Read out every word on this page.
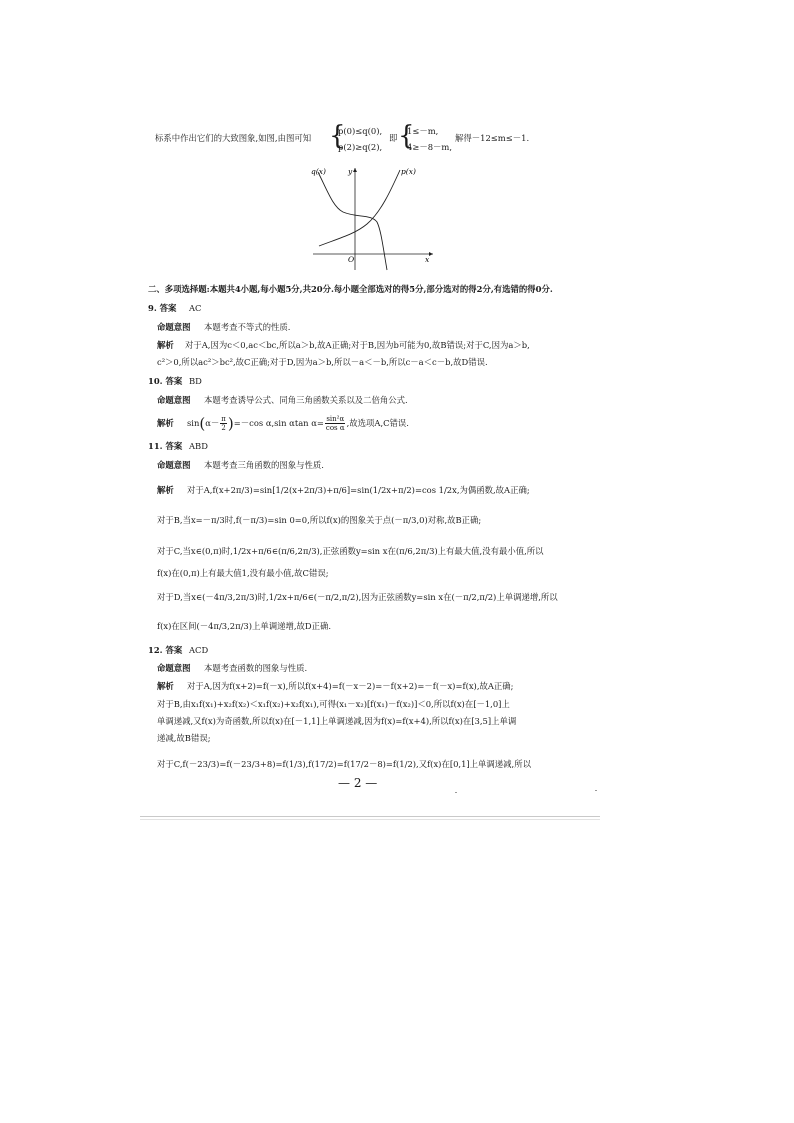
标系中作出它们的大致图象,如图,由图可知 {
p(0)≤q(0),
p(2)≥q(2),
即 {
1≤－m,
4≥－8－m,
解得－12≤m≤－1.
q(x)	y	p(x)
O	x
二、多项选择题:本题共4小题,每小题5分,共20分.每小题全部选对的得5分,部分选对的得2分,有选错的得0分.
9. 答案 AC
命题意图 本题考查不等式的性质.
解析 对于A,因为c＜0,ac＜bc,所以a＞b,故A正确;对于B,因为b可能为0,故B错误;对于C,因为a＞b,
c²＞0,所以ac²＞bc²,故C正确;对于D,因为a＞b,所以－a＜－b,所以c－a＜c－b,故D错误.
10. 答案 BD
命题意图 本题考查诱导公式、同角三角函数关系以及二倍角公式.
解析 $\sin(\alpha- \frac{\pi}{2} )=-\cos$ α,sin αtan $\alpha= \frac{\text{sin²α}}{\text{cos α}}$ ,故选项A,C错误.
11. 答案 ABD
命题意图 本题考查三角函数的图象与性质.
解析 对于A,f(x+2π/3)=sin[1/2(x+2π/3)+π/6]=sin(1/2x+π/2)=cos 1/2x,为偶函数,故A正确;
对于B,当x=－π/3时,f(－π/3)=sin 0=0,所以f(x)的图象关于点(－π/3,0)对称,故B正确;
对于C,当x∈(0,π)时,1/2x+π/6∈(π/6,2π/3),正弦函数y=sin x在(π/6,2π/3)上有最大值,没有最小值,所以
f(x)在(0,π)上有最大值1,没有最小值,故C错误;
对于D,当x∈(－4π/3,2π/3)时,1/2x+π/6∈(－π/2,π/2),因为正弦函数y=sin x在(－π/2,π/2)上单调递增,所以
f(x)在区间(－4π/3,2π/3)上单调递增,故D正确.
12. 答案 ACD
命题意图 本题考查函数的图象与性质.
解析 对于A,因为f(x+2)=f(－x),所以f(x+4)=f(－x－2)=－f(x+2)=－f(－x)=f(x),故A正确;
对于B,由x₁f(x₁)+x₂f(x₂)＜x₁f(x₂)+x₂f(x₁),可得(x₁－x₂)[f(x₁)－f(x₂)]＜0,所以f(x)在[－1,0]上
单调递减,又f(x)为奇函数,所以f(x)在[－1,1]上单调递减,因为f(x)=f(x+4),所以f(x)在[3,5]上单调
递减,故B错误;
对于C,f(－23/3)=f(－23/3+8)=f(1/3),f(17/2)=f(17/2－8)=f(1/2),又f(x)在[0,1]上单调递减,所以
— 2 —
